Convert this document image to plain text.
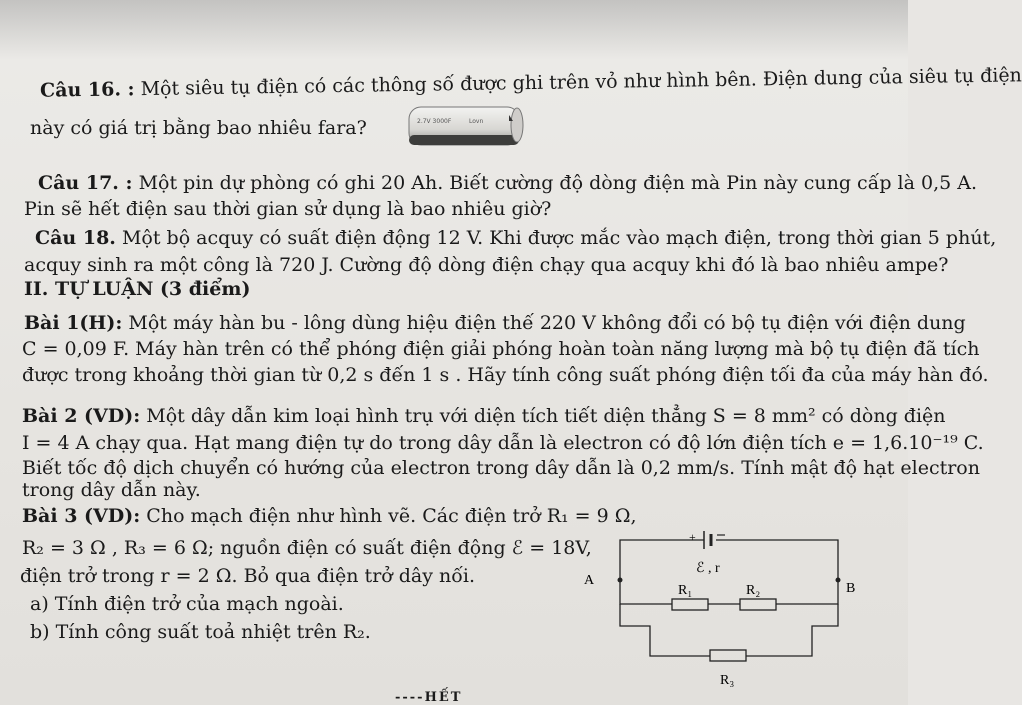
Câu 16. : Một siêu tụ điện có các thông số được ghi trên vỏ như hình bên. Điện dung của siêu tụ điện
này có giá trị bằng bao nhiêu fara?	2.7V 3000F	Lovn
Câu 17. : Một pin dự phòng có ghi 20 Ah. Biết cường độ dòng điện mà Pin này cung cấp là 0,5 A.
Pin sẽ hết điện sau thời gian sử dụng là bao nhiêu giờ?
Câu 18. Một bộ acquy có suất điện động 12 V. Khi được mắc vào mạch điện, trong thời gian 5 phút,
acquy sinh ra một công là 720 J. Cường độ dòng điện chạy qua acquy khi đó là bao nhiêu ampe?
II. TỰ LUẬN (3 điểm)
Bài 1(H): Một máy hàn bu - lông dùng hiệu điện thế 220 V không đổi có bộ tụ điện với điện dung
C = 0,09 F. Máy hàn trên có thể phóng điện giải phóng hoàn toàn năng lượng mà bộ tụ điện đã tích
được trong khoảng thời gian từ 0,2 s đến 1 s . Hãy tính công suất phóng điện tối đa của máy hàn đó.
Bài 2 (VD): Một dây dẫn kim loại hình trụ với diện tích tiết diện thẳng S = 8 mm² có dòng điện
I = 4 A chạy qua. Hạt mang điện tự do trong dây dẫn là electron có độ lớn điện tích e = 1,6.10⁻¹⁹ C.
Biết tốc độ dịch chuyển có hướng của electron trong dây dẫn là 0,2 mm/s. Tính mật độ hạt electron
trong dây dẫn này.
Bài 3 (VD): Cho mạch điện như hình vẽ. Các điện trở R₁ = 9 Ω,
R₂ = 3 Ω , R₃ = 6 Ω; nguồn điện có suất điện động ℰ = 18V,
điện trở trong r = 2 Ω. Bỏ qua điện trở dây nối.
a) Tính điện trở của mạch ngoài.
b) Tính công suất toả nhiệt trên R₂.
+
ℰ , r
A
B
R₁	R₂
R₃
----HẾT
